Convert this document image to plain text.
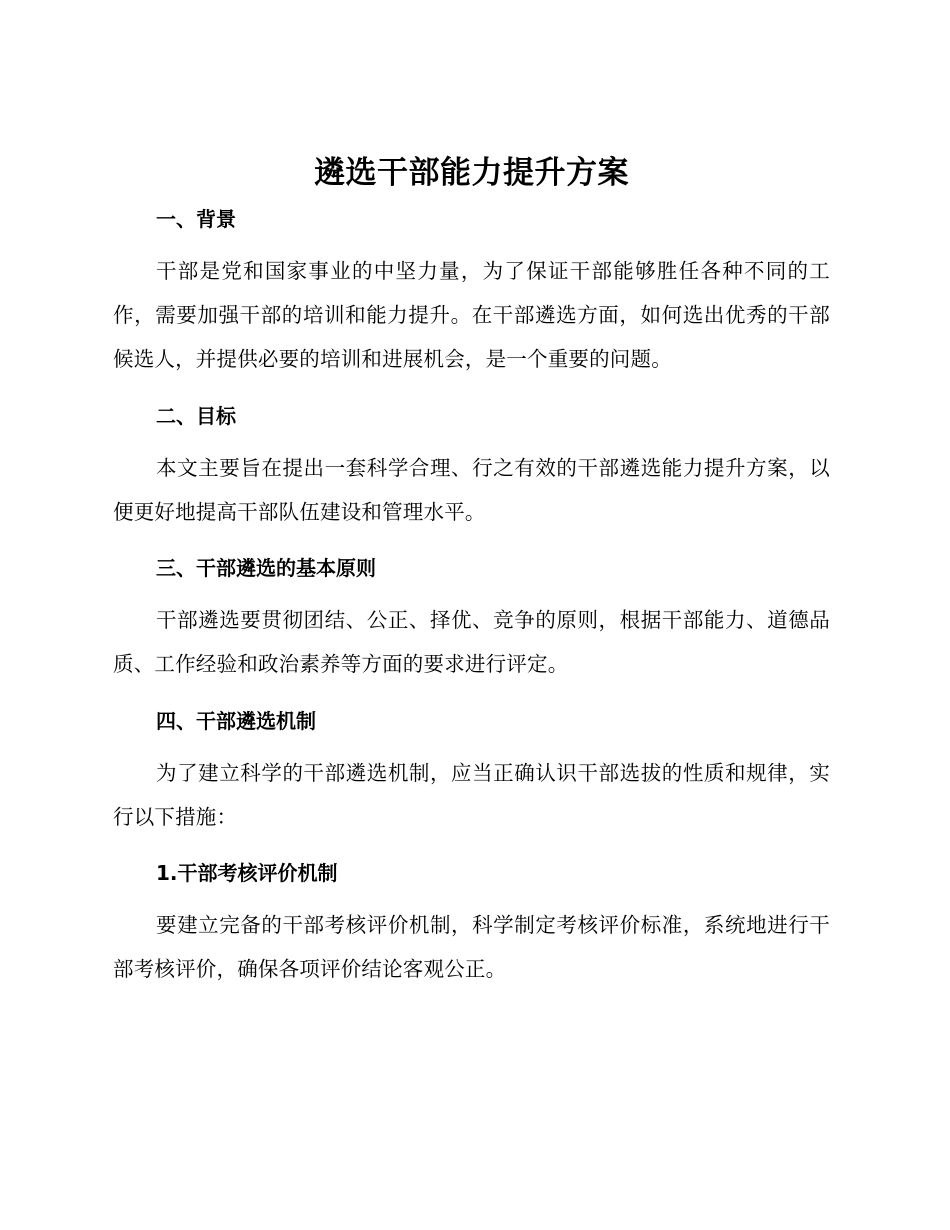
遴选干部能力提升方案
一、背景

干部是党和国家事业的中坚力量，为了保证干部能够胜任各种不同的工作，需要加强干部的培训和能力提升。在干部遴选方面，如何选出优秀的干部候选人，并提供必要的培训和进展机会，是一个重要的问题。

二、目标

本文主要旨在提出一套科学合理、行之有效的干部遴选能力提升方案，以便更好地提高干部队伍建设和管理水平。

三、干部遴选的基本原则

干部遴选要贯彻团结、公正、择优、竞争的原则，根据干部能力、道德品质、工作经验和政治素养等方面的要求进行评定。

四、干部遴选机制

为了建立科学的干部遴选机制，应当正确认识干部选拔的性质和规律，实行以下措施：

1.干部考核评价机制

要建立完备的干部考核评价机制，科学制定考核评价标准，系统地进行干部考核评价，确保各项评价结论客观公正。
